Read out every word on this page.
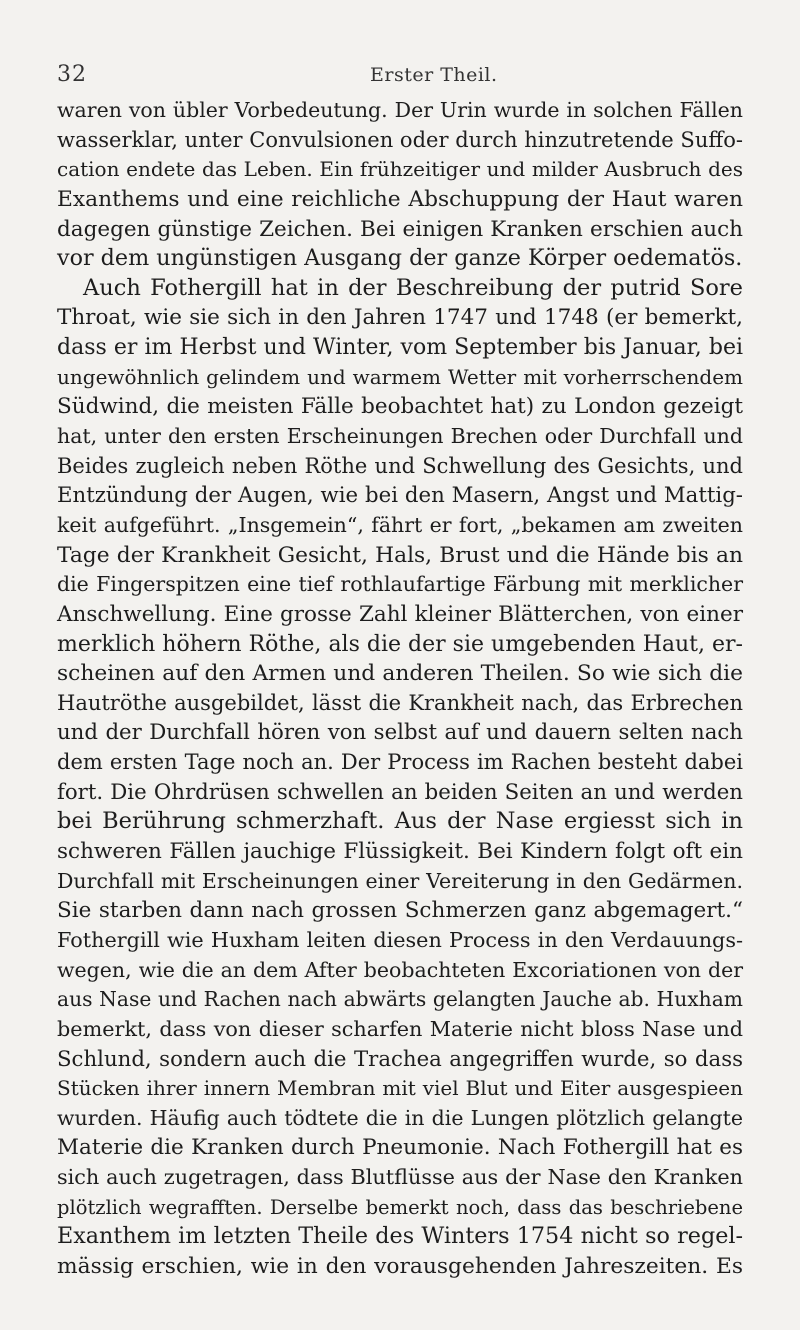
32	Erster Theil.
waren von übler Vorbedeutung. Der Urin wurde in solchen Fällen
wasserklar, unter Convulsionen oder durch hinzutretende Suffo-
cation endete das Leben. Ein frühzeitiger und milder Ausbruch des
Exanthems und eine reichliche Abschuppung der Haut waren
dagegen günstige Zeichen. Bei einigen Kranken erschien auch
vor dem ungünstigen Ausgang der ganze Körper oedematös.
Auch Fothergill hat in der Beschreibung der putrid Sore
Throat, wie sie sich in den Jahren 1747 und 1748 (er bemerkt,
dass er im Herbst und Winter, vom September bis Januar, bei
ungewöhnlich gelindem und warmem Wetter mit vorherrschendem
Südwind, die meisten Fälle beobachtet hat) zu London gezeigt
hat, unter den ersten Erscheinungen Brechen oder Durchfall und
Beides zugleich neben Röthe und Schwellung des Gesichts, und
Entzündung der Augen, wie bei den Masern, Angst und Mattig-
keit aufgeführt. „Insgemein“, fährt er fort, „bekamen am zweiten
Tage der Krankheit Gesicht, Hals, Brust und die Hände bis an
die Fingerspitzen eine tief rothlaufartige Färbung mit merklicher
Anschwellung. Eine grosse Zahl kleiner Blätterchen, von einer
merklich höhern Röthe, als die der sie umgebenden Haut, er-
scheinen auf den Armen und anderen Theilen. So wie sich die
Hautröthe ausgebildet, lässt die Krankheit nach, das Erbrechen
und der Durchfall hören von selbst auf und dauern selten nach
dem ersten Tage noch an. Der Process im Rachen besteht dabei
fort. Die Ohrdrüsen schwellen an beiden Seiten an und werden
bei Berührung schmerzhaft. Aus der Nase ergiesst sich in
schweren Fällen jauchige Flüssigkeit. Bei Kindern folgt oft ein
Durchfall mit Erscheinungen einer Vereiterung in den Gedärmen.
Sie starben dann nach grossen Schmerzen ganz abgemagert.“
Fothergill wie Huxham leiten diesen Process in den Verdauungs-
wegen, wie die an dem After beobachteten Excoriationen von der
aus Nase und Rachen nach abwärts gelangten Jauche ab. Huxham
bemerkt, dass von dieser scharfen Materie nicht bloss Nase und
Schlund, sondern auch die Trachea angegriffen wurde, so dass
Stücken ihrer innern Membran mit viel Blut und Eiter ausgespieen
wurden. Häufig auch tödtete die in die Lungen plötzlich gelangte
Materie die Kranken durch Pneumonie. Nach Fothergill hat es
sich auch zugetragen, dass Blutflüsse aus der Nase den Kranken
plötzlich wegrafften. Derselbe bemerkt noch, dass das beschriebene
Exanthem im letzten Theile des Winters 1754 nicht so regel-
mässig erschien, wie in den vorausgehenden Jahreszeiten. Es
